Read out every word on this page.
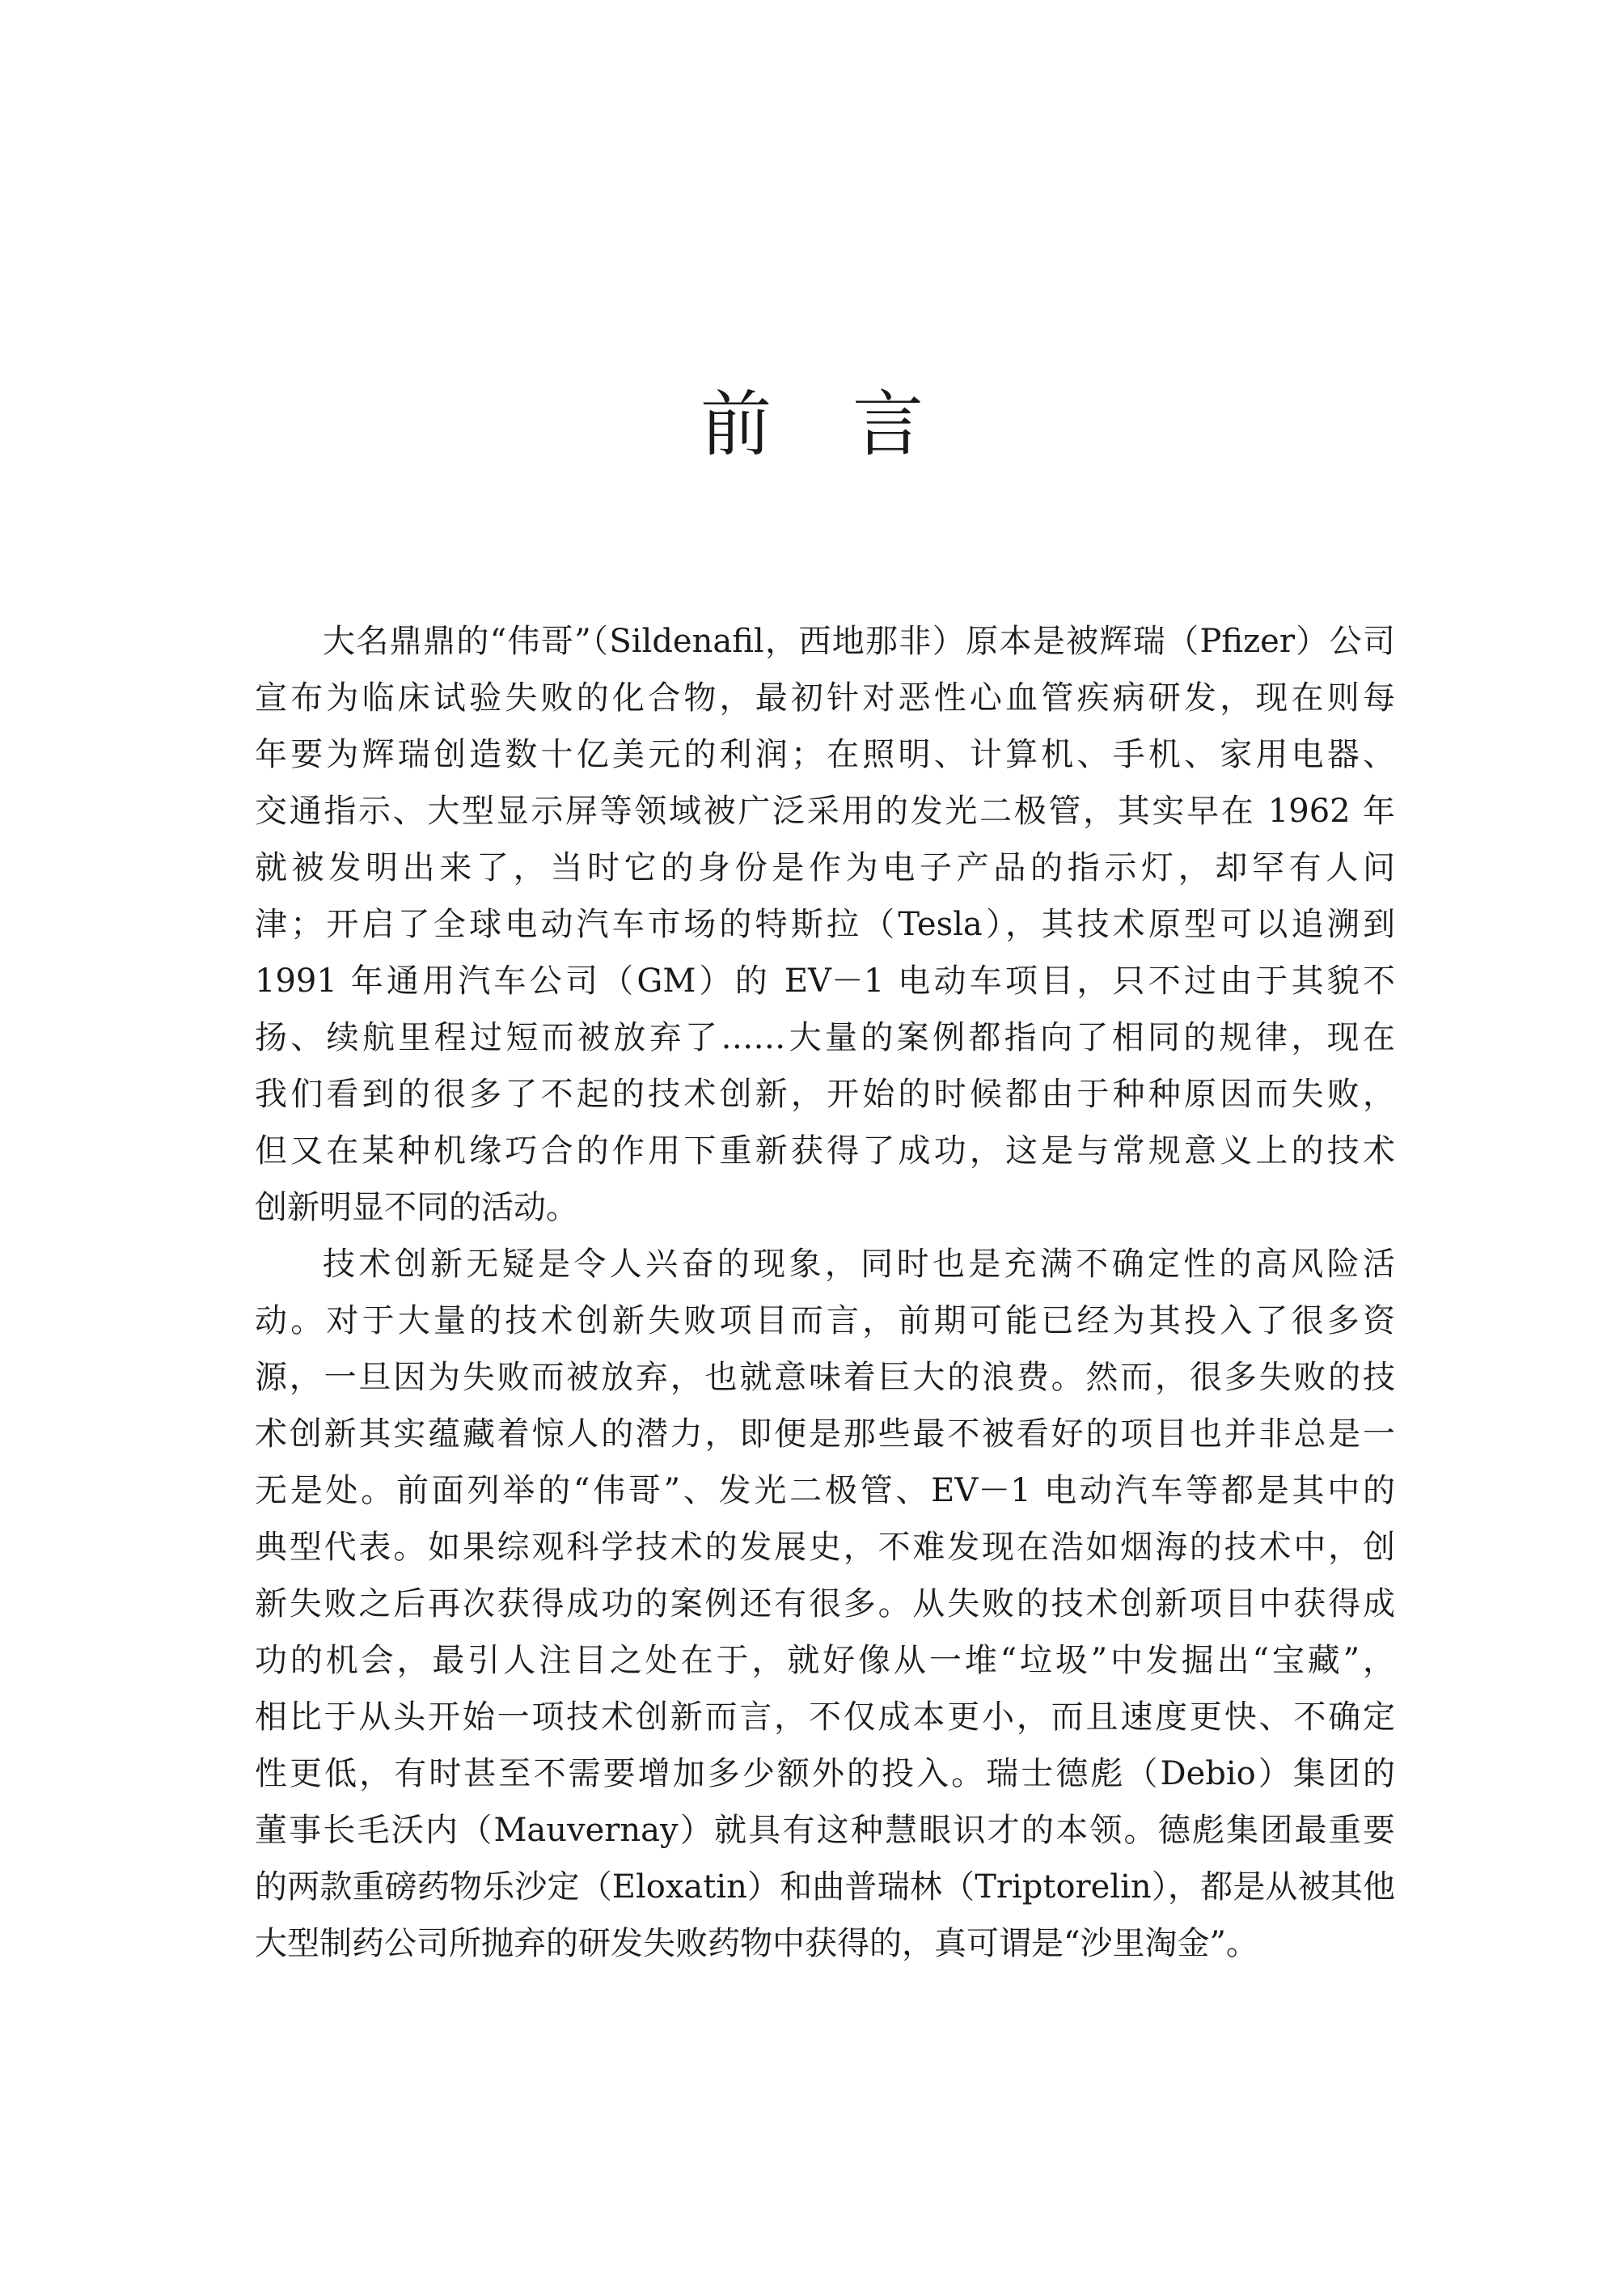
前 言
大名鼎鼎的“伟哥”（Sildenafil，西地那非）原本是被辉瑞（Pfizer）公司
宣布为临床试验失败的化合物，最初针对恶性心血管疾病研发，现在则每
年要为辉瑞创造数十亿美元的利润；在照明、计算机、手机、家用电器、
交通指示、大型显示屏等领域被广泛采用的发光二极管，其实早在 1962 年
就被发明出来了，当时它的身份是作为电子产品的指示灯，却罕有人问
津；开启了全球电动汽车市场的特斯拉（Tesla），其技术原型可以追溯到
1991 年通用汽车公司（GM）的 EV－1 电动车项目，只不过由于其貌不
扬、续航里程过短而被放弃了……大量的案例都指向了相同的规律，现在
我们看到的很多了不起的技术创新，开始的时候都由于种种原因而失败，
但又在某种机缘巧合的作用下重新获得了成功，这是与常规意义上的技术
创新明显不同的活动。
技术创新无疑是令人兴奋的现象，同时也是充满不确定性的高风险活
动。对于大量的技术创新失败项目而言，前期可能已经为其投入了很多资
源，一旦因为失败而被放弃，也就意味着巨大的浪费。然而，很多失败的技
术创新其实蕴藏着惊人的潜力，即便是那些最不被看好的项目也并非总是一
无是处。前面列举的“伟哥”、发光二极管、EV－1 电动汽车等都是其中的
典型代表。如果综观科学技术的发展史，不难发现在浩如烟海的技术中，创
新失败之后再次获得成功的案例还有很多。从失败的技术创新项目中获得成
功的机会，最引人注目之处在于，就好像从一堆“垃圾”中发掘出“宝藏”，
相比于从头开始一项技术创新而言，不仅成本更小，而且速度更快、不确定
性更低，有时甚至不需要增加多少额外的投入。瑞士德彪（Debio）集团的
董事长毛沃内（Mauvernay）就具有这种慧眼识才的本领。德彪集团最重要
的两款重磅药物乐沙定（Eloxatin）和曲普瑞林（Triptorelin），都是从被其他
大型制药公司所抛弃的研发失败药物中获得的，真可谓是“沙里淘金”。
